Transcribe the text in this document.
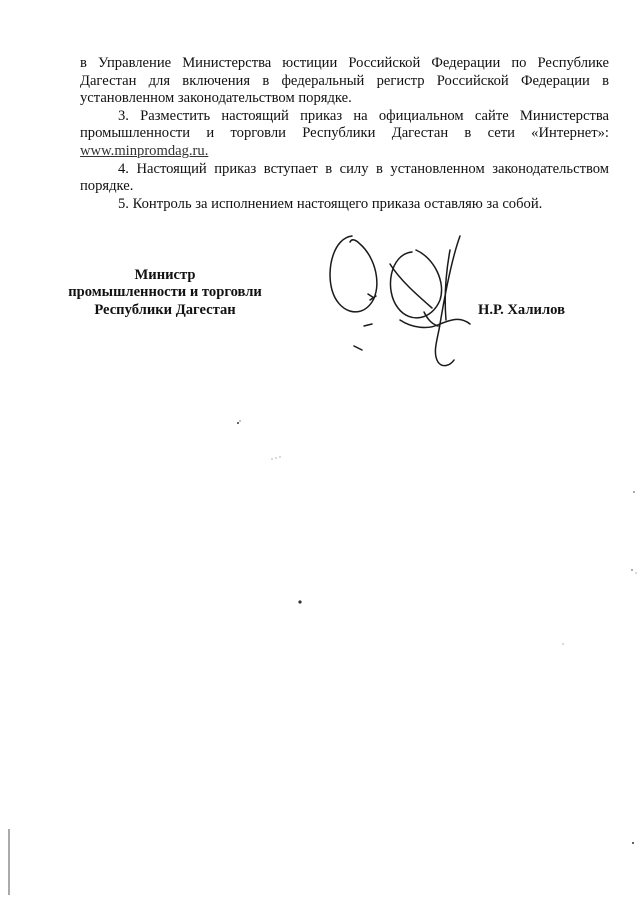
в Управление Министерства юстиции Российской Федерации по Республике Дагестан для включения в федеральный регистр Российской Федерации в установленном законодательством порядке.

3. Разместить настоящий приказ на официальном сайте Министерства промышленности и торговли Республики Дагестан в сети «Интернет»: www.minpromdag.ru.

4. Настоящий приказ вступает в силу в установленном законодательством порядке.

5. Контроль за исполнением настоящего приказа оставляю за собой.

Министр
промышленности и торговли
Республики Дагестан	Н.Р. Халилов
